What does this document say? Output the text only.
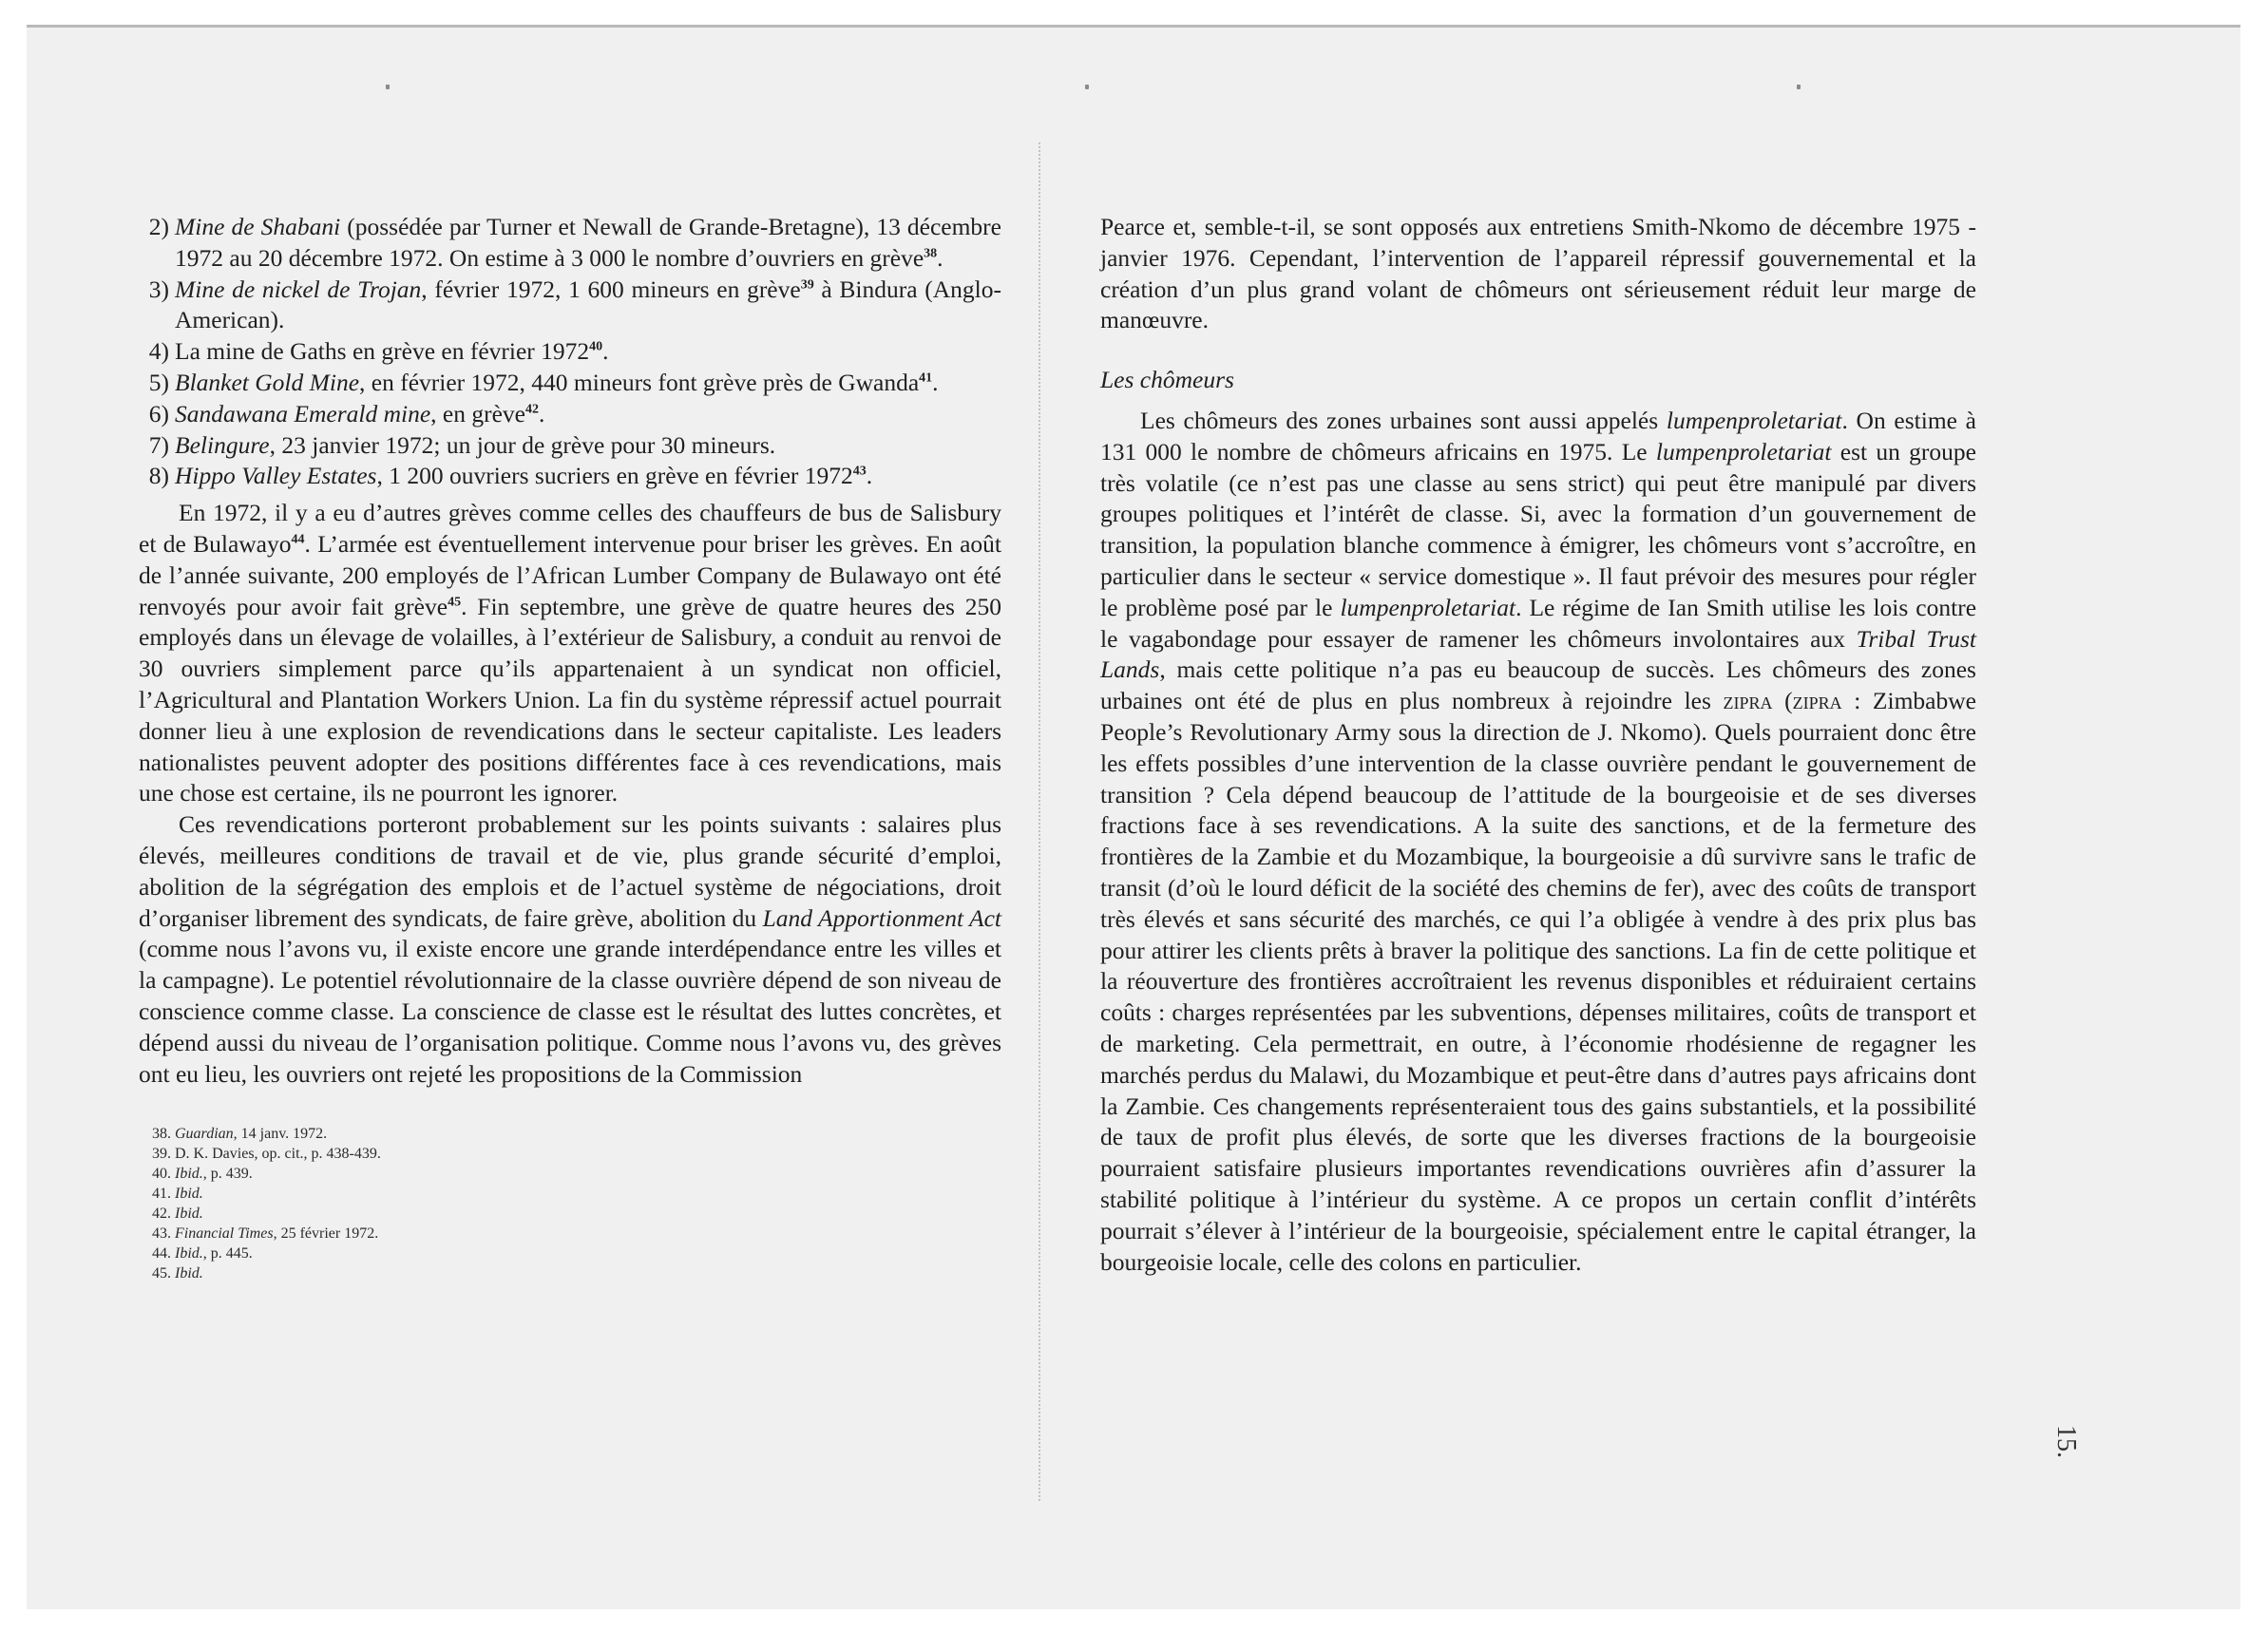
2) Mine de Shabani (possédée par Turner et Newall de Grande-Bretagne), 13 décembre 1972 au 20 décembre 1972. On estime à 3 000 le nombre d’ouvriers en grève$^{38}$.
3) Mine de nickel de Trojan, février 1972, 1 600 mineurs en grève$^{39}$ à Bindura (Anglo-American).
4) La mine de Gaths en grève en février 1972$^{40}$.
5) Blanket Gold Mine, en février 1972, 440 mineurs font grève près de Gwanda$^{41}$.
6) Sandawana Emerald mine, en grève$^{42}$.
7) Belingure, 23 janvier 1972; un jour de grève pour 30 mineurs.
8) Hippo Valley Estates, 1 200 ouvriers sucriers en grève en février 1972$^{43}$.

En 1972, il y a eu d’autres grèves comme celles des chauffeurs de bus de Salisbury et de Bulawayo$^{44}$. L’armée est éventuellement intervenue pour briser les grèves. En août de l’année suivante, 200 employés de l’African Lumber Company de Bulawayo ont été renvoyés pour avoir fait grève$^{45}$. Fin septembre, une grève de quatre heures des 250 employés dans un élevage de volailles, à l’extérieur de Salisbury, a conduit au renvoi de 30 ouvriers simplement parce qu’ils appartenaient à un syndicat non officiel, l’Agricultural and Plantation Workers Union. La fin du système répressif actuel pourrait donner lieu à une explosion de revendications dans le secteur capitaliste. Les leaders nationalistes peuvent adopter des positions différentes face à ces revendications, mais une chose est certaine, ils ne pourront les ignorer.

Ces revendications porteront probablement sur les points suivants : salaires plus élevés, meilleures conditions de travail et de vie, plus grande sécurité d’emploi, abolition de la ségrégation des emplois et de l’actuel système de négociations, droit d’organiser librement des syndicats, de faire grève, abolition du Land Apportionment Act (comme nous l’avons vu, il existe encore une grande interdépendance entre les villes et la campagne). Le potentiel révolutionnaire de la classe ouvrière dépend de son niveau de conscience comme classe. La conscience de classe est le résultat des luttes concrètes, et dépend aussi du niveau de l’organisation politique. Comme nous l’avons vu, des grèves ont eu lieu, les ouvriers ont rejeté les propositions de la Commission

38. Guardian, 14 janv. 1972.
39. D. K. Davies, op. cit., p. 438-439.
40. Ibid., p. 439.
41. Ibid.
42. Ibid.
43. Financial Times, 25 février 1972.
44. Ibid., p. 445.
45. Ibid.

Pearce et, semble-t-il, se sont opposés aux entretiens Smith-Nkomo de décembre 1975 - janvier 1976. Cependant, l’intervention de l’appareil répressif gouvernemental et la création d’un plus grand volant de chômeurs ont sérieusement réduit leur marge de manœuvre.

Les chômeurs

Les chômeurs des zones urbaines sont aussi appelés lumpenproletariat. On estime à 131 000 le nombre de chômeurs africains en 1975. Le lumpenproletariat est un groupe très volatile (ce n’est pas une classe au sens strict) qui peut être manipulé par divers groupes politiques et l’intérêt de classe. Si, avec la formation d’un gouvernement de transition, la population blanche commence à émigrer, les chômeurs vont s’accroître, en particulier dans le secteur « service domestique ». Il faut prévoir des mesures pour régler le problème posé par le lumpenproletariat. Le régime de Ian Smith utilise les lois contre le vagabondage pour essayer de ramener les chômeurs involontaires aux Tribal Trust Lands, mais cette politique n’a pas eu beaucoup de succès. Les chômeurs des zones urbaines ont été de plus en plus nombreux à rejoindre les zipra (zipra : Zimbabwe People’s Revolutionary Army sous la direction de J. Nkomo). Quels pourraient donc être les effets possibles d’une intervention de la classe ouvrière pendant le gouvernement de transition ? Cela dépend beaucoup de l’attitude de la bourgeoisie et de ses diverses fractions face à ses revendications. A la suite des sanctions, et de la fermeture des frontières de la Zambie et du Mozambique, la bourgeoisie a dû survivre sans le trafic de transit (d’où le lourd déficit de la société des chemins de fer), avec des coûts de transport très élevés et sans sécurité des marchés, ce qui l’a obligée à vendre à des prix plus bas pour attirer les clients prêts à braver la politique des sanctions. La fin de cette politique et la réouverture des frontières accroîtraient les revenus disponibles et réduiraient certains coûts : charges représentées par les subventions, dépenses militaires, coûts de transport et de marketing. Cela permettrait, en outre, à l’économie rhodésienne de regagner les marchés perdus du Malawi, du Mozambique et peut-être dans d’autres pays africains dont la Zambie. Ces changements représenteraient tous des gains substantiels, et la possibilité de taux de profit plus élevés, de sorte que les diverses fractions de la bourgeoisie pourraient satisfaire plusieurs importantes revendications ouvrières afin d’assurer la stabilité politique à l’intérieur du système. A ce propos un certain conflit d’intérêts pourrait s’élever à l’intérieur de la bourgeoisie, spécialement entre le capital étranger, la bourgeoisie locale, celle des colons en particulier.

15.
